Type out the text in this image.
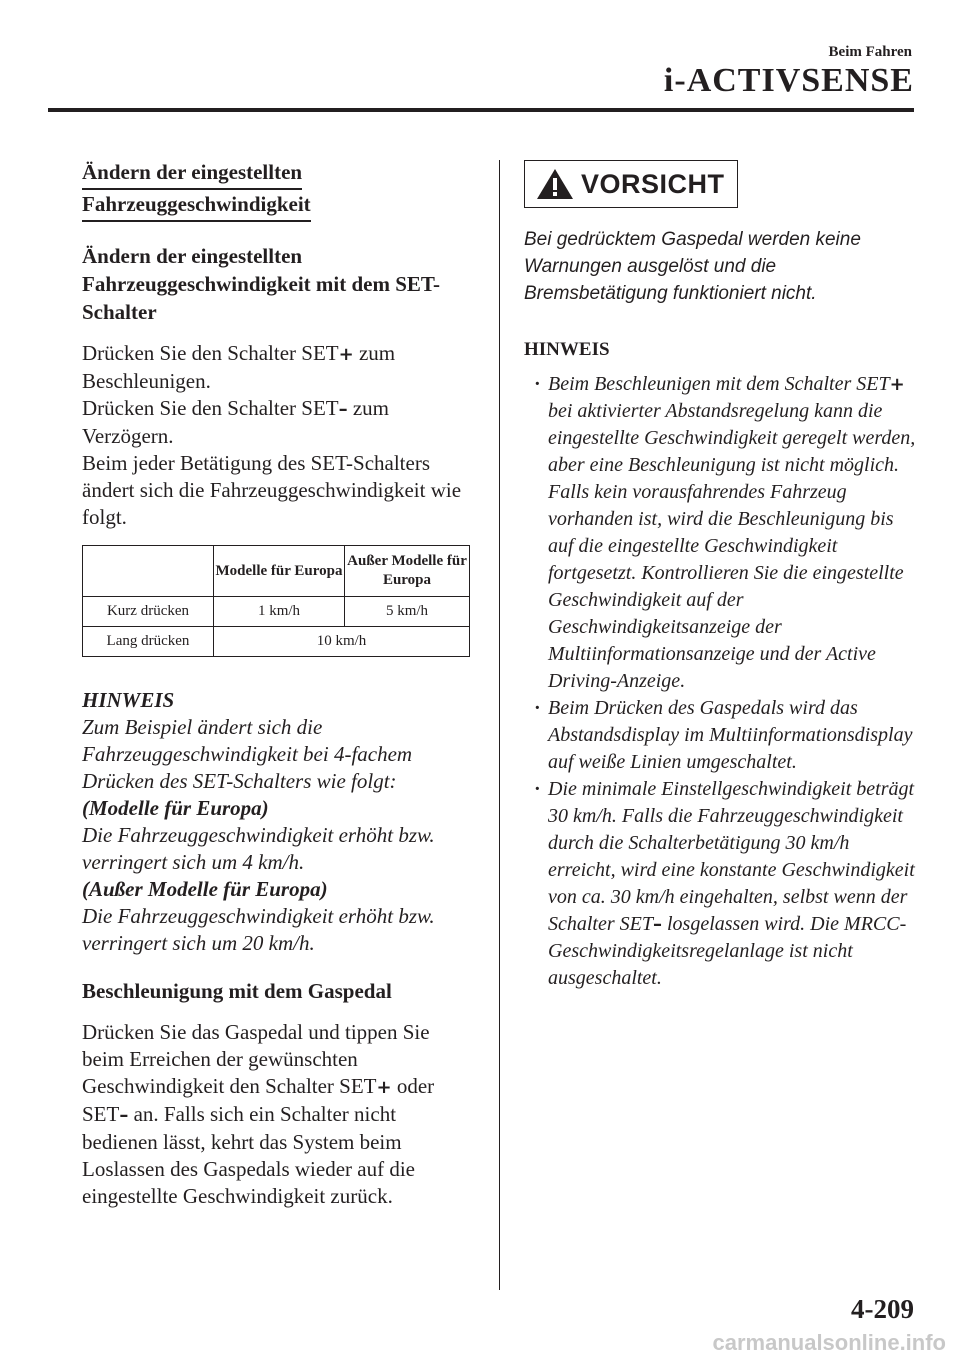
Beim Fahren
i-ACTIVSENSE
Ändern der eingestellten
Fahrzeuggeschwindigkeit
Ändern der eingestellten Fahrzeuggeschwindigkeit mit dem SET-Schalter

Drücken Sie den Schalter SET+ zum
Beschleunigen.
Drücken Sie den Schalter SET– zum
Verzögern.
Beim jeder Betätigung des SET-Schalters ändert sich die Fahrzeuggeschwindigkeit wie folgt.

	Modelle für Europa	Außer Modelle für Europa
Kurz drücken	1 km/h	5 km/h
Lang drücken	10 km/h	

HINWEIS

Zum Beispiel ändert sich die Fahrzeuggeschwindigkeit bei 4-fachem Drücken des SET-Schalters wie folgt:

(Modelle für Europa)

Die Fahrzeuggeschwindigkeit erhöht bzw. verringert sich um 4 km/h.

(Außer Modelle für Europa)

Die Fahrzeuggeschwindigkeit erhöht bzw. verringert sich um 20 km/h.

Beschleunigung mit dem Gaspedal

Drücken Sie das Gaspedal und tippen Sie beim Erreichen der gewünschten Geschwindigkeit den Schalter SET+ oder SET– an. Falls sich ein Schalter nicht bedienen lässt, kehrt das System beim Loslassen des Gaspedals wieder auf die eingestellte Geschwindigkeit zurück.

VORSICHT

Bei gedrücktem Gaspedal werden keine Warnungen ausgelöst und die Bremsbetätigung funktioniert nicht.

HINWEIS

· Beim Beschleunigen mit dem Schalter SET+ bei aktivierter Abstandsregelung kann die eingestellte Geschwindigkeit geregelt werden, aber eine Beschleunigung ist nicht möglich. Falls kein vorausfahrendes Fahrzeug vorhanden ist, wird die Beschleunigung bis auf die eingestellte Geschwindigkeit fortgesetzt. Kontrollieren Sie die eingestellte Geschwindigkeit auf der Geschwindigkeitsanzeige der Multiinformationsanzeige und der Active Driving-Anzeige.
· Beim Drücken des Gaspedals wird das Abstandsdisplay im Multiinformationsdisplay auf weiße Linien umgeschaltet.
· Die minimale Einstellgeschwindigkeit beträgt 30 km/h. Falls die Fahrzeuggeschwindigkeit durch die Schalterbetätigung 30 km/h erreicht, wird eine konstante Geschwindigkeit von ca. 30 km/h eingehalten, selbst wenn der Schalter SET– losgelassen wird. Die MRCC-Geschwindigkeitsregelanlage ist nicht ausgeschaltet.
4-209
carmanualsonline.info
